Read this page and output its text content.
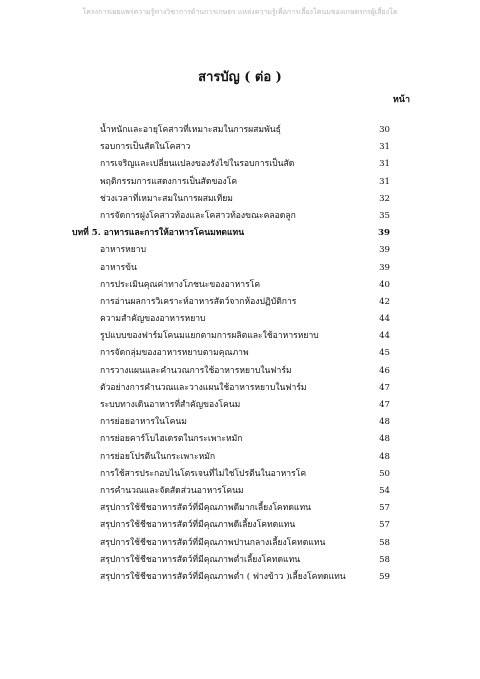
โครงการเผยแพร่ความรู้ทางวิชาการด้านการเกษตร แหล่งความรู้เพื่อการเลี้ยงโคนมของเกษตรกรผู้เลี้ยงโค
สารบัญ ( ต่อ )
หน้า
น้ำหนักและอายุโคสาวที่เหมาะสมในการผสมพันธุ์	30
รอบการเป็นสัดในโคสาว	31
การเจริญและเปลี่ยนแปลงของรังไข่ในรอบการเป็นสัด	31
พฤติกรรมการแสดงการเป็นสัดของโค	31
ช่วงเวลาที่เหมาะสมในการผสมเทียม	32
การจัดการฝูงโคสาวท้องและโคสาวท้องขณะคลอดลูก	35
บทที่ 5. อาหารและการให้อาหารโคนมทดแทน	39
อาหารหยาบ	39
อาหารข้น	39
การประเมินคุณค่าทางโภชนะของอาหารโค	40
การอ่านผลการวิเคราะห์อาหารสัตว์จากห้องปฏิบัติการ	42
ความสำคัญของอาหารหยาบ	44
รูปแบบของฟาร์มโคนมแยกตามการผลิตและใช้อาหารหยาบ	44
การจัดกลุ่มของอาหารหยาบตามคุณภาพ	45
การวางแผนและคำนวณการใช้อาหารหยาบในฟาร์ม	46
ตัวอย่างการคำนวณและวางแผนใช้อาหารหยาบในฟาร์ม	47
ระบบทางเดินอาหารที่สำคัญของโคนม	47
การย่อยอาหารในโคนม	48
การย่อยคาร์โบไฮเดรตในกระเพาะหมัก	48
การย่อยโปรตีนในกระเพาะหมัก	48
การใช้สารประกอบไนโตรเจนที่ไม่ใช่โปรตีนในอาหารโค	50
การคำนวณและจัดสัดส่วนอาหารโคนม	54
สรุปการใช้ชีชอาหารสัตว์ที่มีคุณภาพดีมากเลี้ยงโคทดแทน	57
สรุปการใช้ชีชอาหารสัตว์ที่มีคุณภาพดีเลี้ยงโคทดแทน	57
สรุปการใช้ชีชอาหารสัตว์ที่มีคุณภาพปานกลางเลี้ยงโคทดแทน	58
สรุปการใช้ชีชอาหารสัตว์ที่มีคุณภาพต่ำเลี้ยงโคทดแทน	58
สรุปการใช้ชีชอาหารสัตว์ที่มีคุณภาพต่ำ ( ฟางข้าว )เลี้ยงโคทดแทน	59
